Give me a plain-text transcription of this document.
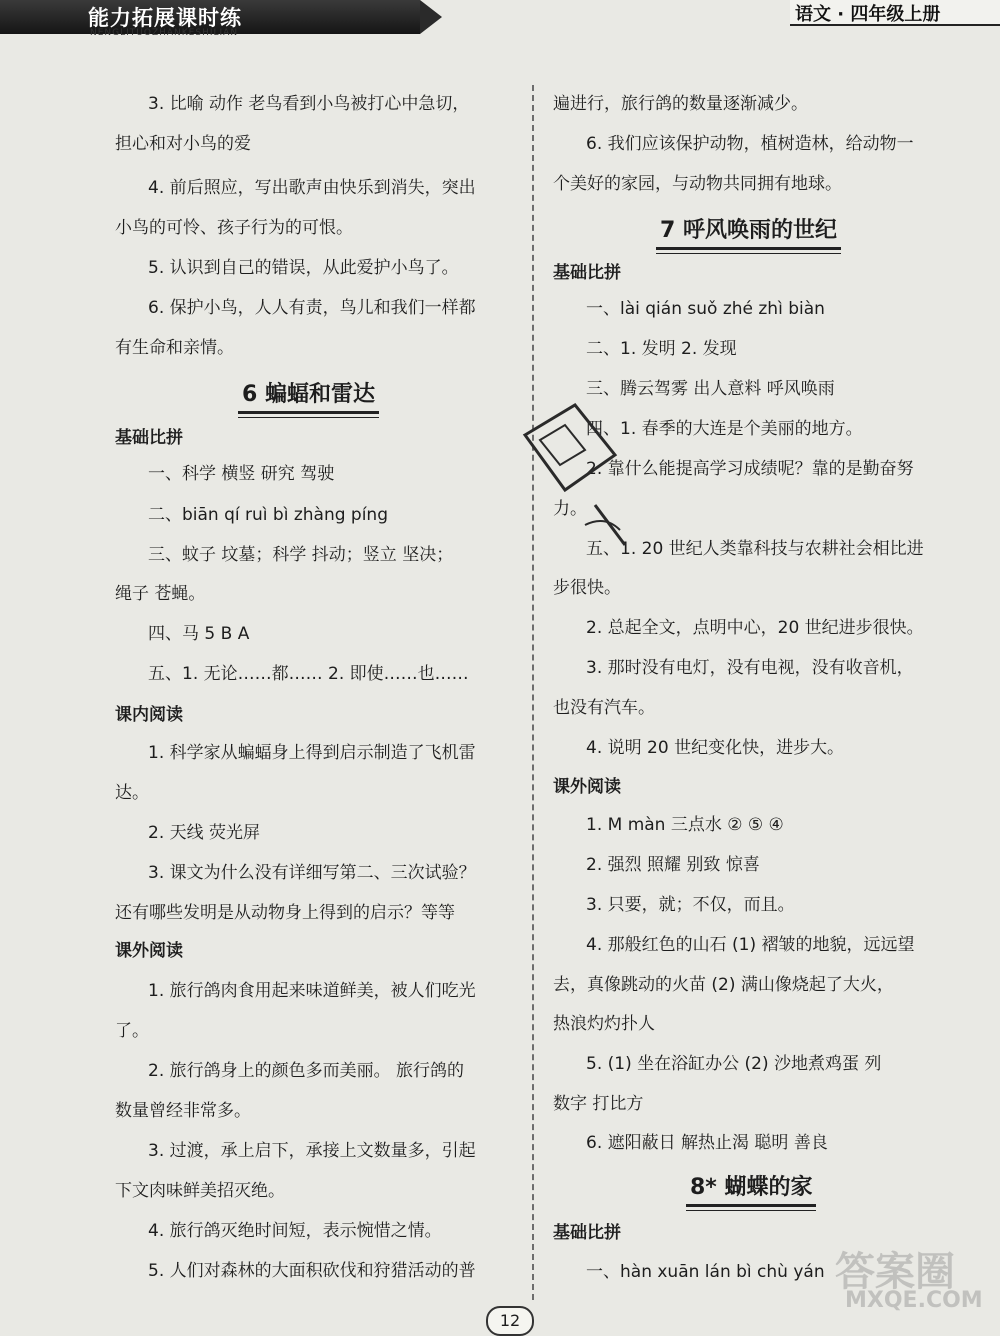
能力拓展课时练
NENGLITUOZHANKESHILIAN
语文 · 四年级上册
3. 比喻 动作 老鸟看到小鸟被打心中急切，
担心和对小鸟的爱
4. 前后照应，写出歌声由快乐到消失，突出
小鸟的可怜、孩子行为的可恨。
5. 认识到自己的错误，从此爱护小鸟了。
6. 保护小鸟，人人有责，鸟儿和我们一样都
有生命和亲情。
6 蝙蝠和雷达
基础比拼
一、科学 横竖 研究 驾驶
二、biān qí ruì bì zhàng píng
三、蚊子 坟墓；科学 抖动；竖立 坚决；
绳子 苍蝇。
四、马 5 B A
五、1. 无论……都…… 2. 即使……也……
课内阅读
1. 科学家从蝙蝠身上得到启示制造了飞机雷
达。
2. 天线 荧光屏
3. 课文为什么没有详细写第二、三次试验？
还有哪些发明是从动物身上得到的启示？等等
课外阅读
1. 旅行鸽肉食用起来味道鲜美，被人们吃光
了。
2. 旅行鸽身上的颜色多而美丽。 旅行鸽的
数量曾经非常多。
3. 过渡，承上启下，承接上文数量多，引起
下文肉味鲜美招灭绝。
4. 旅行鸽灭绝时间短，表示惋惜之情。
5. 人们对森林的大面积砍伐和狩猎活动的普
遍进行，旅行鸽的数量逐渐减少。
6. 我们应该保护动物，植树造林，给动物一
个美好的家园，与动物共同拥有地球。
7 呼风唤雨的世纪
基础比拼
一、lài qián suǒ zhé zhì biàn
二、1. 发明 2. 发现
三、腾云驾雾 出人意料 呼风唤雨
四、1. 春季的大连是个美丽的地方。
2. 靠什么能提高学习成绩呢？靠的是勤奋努
力。
五、1. 20 世纪人类靠科技与农耕社会相比进
步很快。
2. 总起全文，点明中心，20 世纪进步很快。
3. 那时没有电灯，没有电视，没有收音机，
也没有汽车。
4. 说明 20 世纪变化快，进步大。
课外阅读
1. M màn 三点水 ② ⑤ ④
2. 强烈 照耀 别致 惊喜
3. 只要，就；不仅，而且。
4. 那般红色的山石 (1) 褶皱的地貌，远远望
去，真像跳动的火苗 (2) 满山像烧起了大火，
热浪灼灼扑人
5. (1) 坐在浴缸办公 (2) 沙地煮鸡蛋 列
数字 打比方
6. 遮阳蔽日 解热止渴 聪明 善良
8* 蝴蝶的家
基础比拼
一、hàn xuān lán bì chù yán
12
答案圈
MXQE.COM
